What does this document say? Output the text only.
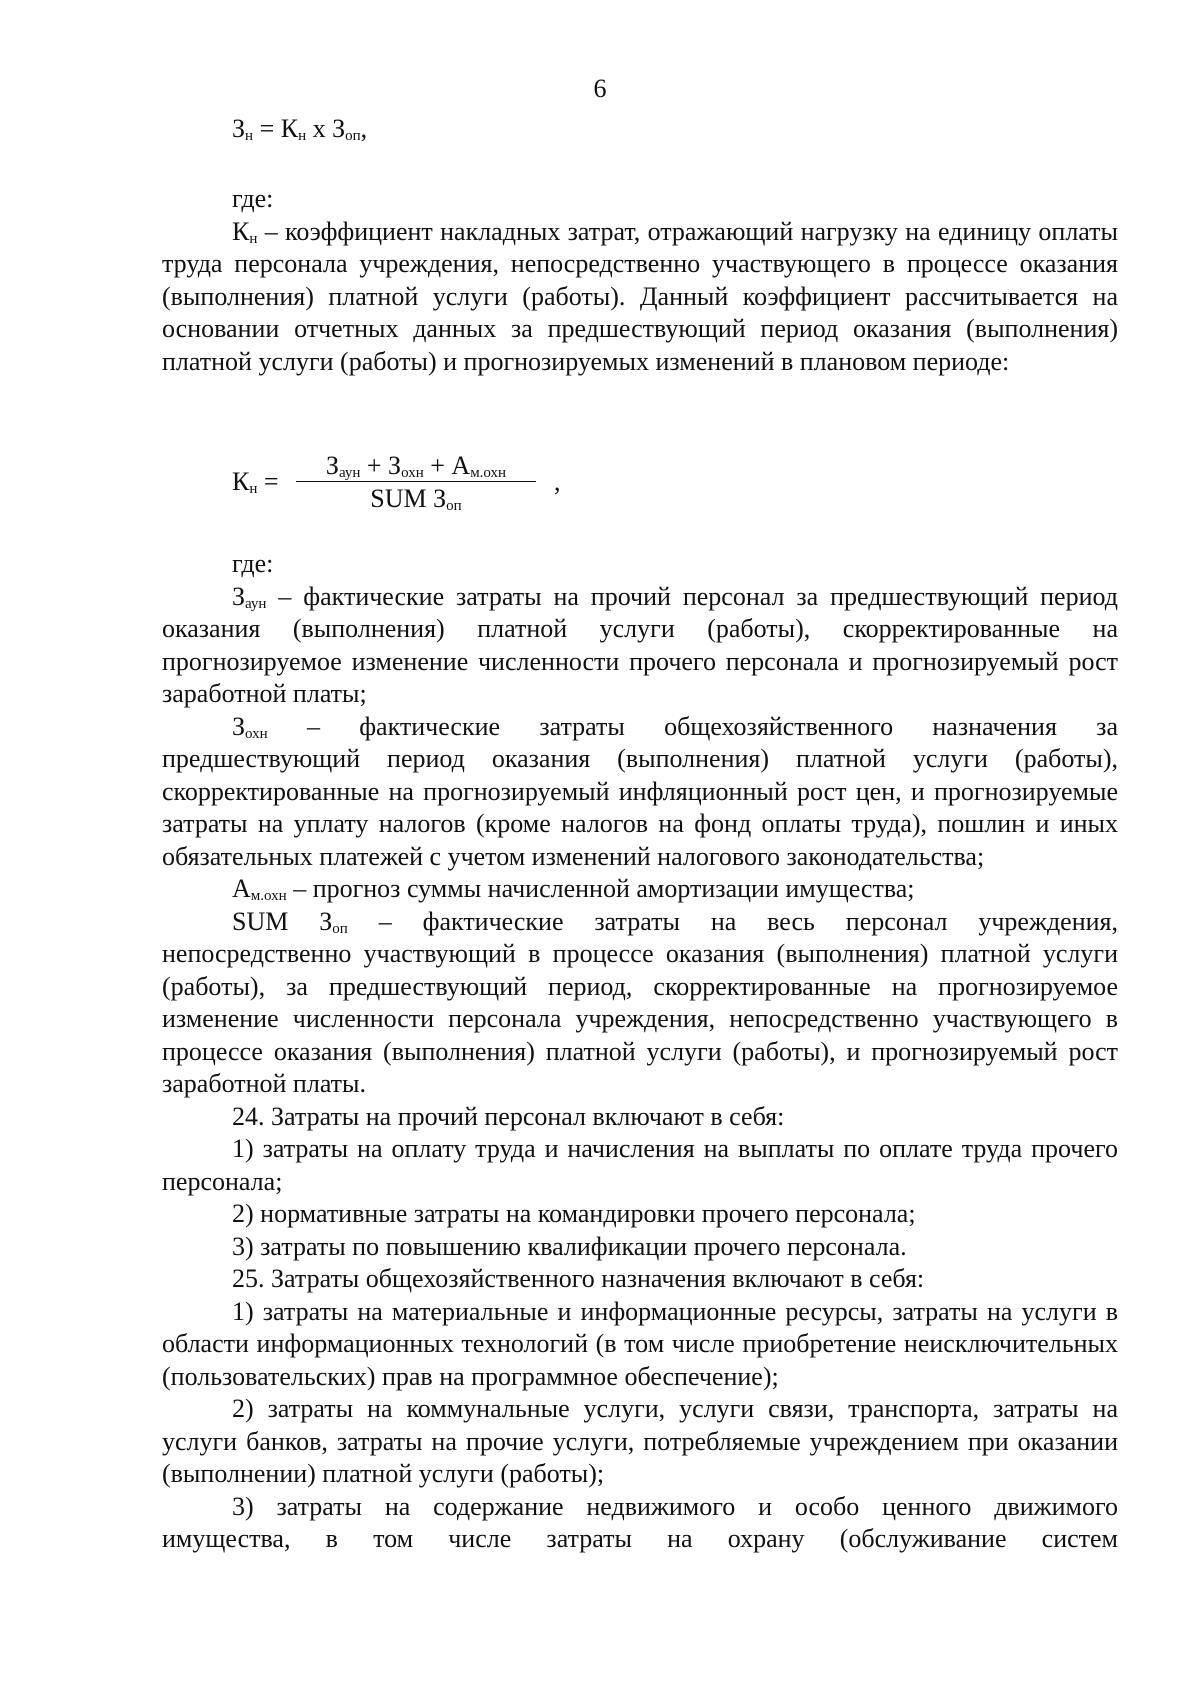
6
$З_н = К_н$ х $З_{оп}$,

где:

$К_н$ – коэффициент накладных затрат, отражающий нагрузку на единицу оплаты труда персонала учреждения, непосредственно участвующего в процессе оказания (выполнения) платной услуги (работы). Данный коэффициент рассчитывается на основании отчетных данных за предшествующий период оказания (выполнения) платной услуги (работы) и прогнозируемых изменений в плановом периоде:

$К_н$ =
$З_{аун} + З_{охн} + А_{м.охн}$
SUM $З_{оп}$
,

где:

$З_{аун}$ – фактические затраты на прочий персонал за предшествующий период оказания (выполнения) платной услуги (работы), скорректированные на прогнозируемое изменение численности прочего персонала и прогнозируемый рост заработной платы;

$З_{охн}$ – фактические затраты общехозяйственного назначения за предшествующий период оказания (выполнения) платной услуги (работы), скорректированные на прогнозируемый инфляционный рост цен, и прогнозируемые затраты на уплату налогов (кроме налогов на фонд оплаты труда), пошлин и иных обязательных платежей с учетом изменений налогового законодательства;

$А_{м.охн}$ – прогноз суммы начисленной амортизации имущества;

SUM $З_{оп}$ – фактические затраты на весь персонал учреждения, непосредственно участвующий в процессе оказания (выполнения) платной услуги (работы), за предшествующий период, скорректированные на прогнозируемое изменение численности персонала учреждения, непосредственно участвующего в процессе оказания (выполнения) платной услуги (работы), и прогнозируемый рост заработной платы.

24. Затраты на прочий персонал включают в себя:

1) затраты на оплату труда и начисления на выплаты по оплате труда прочего персонала;

2) нормативные затраты на командировки прочего персонала;

3) затраты по повышению квалификации прочего персонала.

25. Затраты общехозяйственного назначения включают в себя:

1) затраты на материальные и информационные ресурсы, затраты на услуги в области информационных технологий (в том числе приобретение неисключительных (пользовательских) прав на программное обеспечение);

2) затраты на коммунальные услуги, услуги связи, транспорта, затраты на услуги банков, затраты на прочие услуги, потребляемые учреждением при оказании (выполнении) платной услуги (работы);

3) затраты на содержание недвижимого и особо ценного движимого имущества, в том числе затраты на охрану (обслуживание систем
